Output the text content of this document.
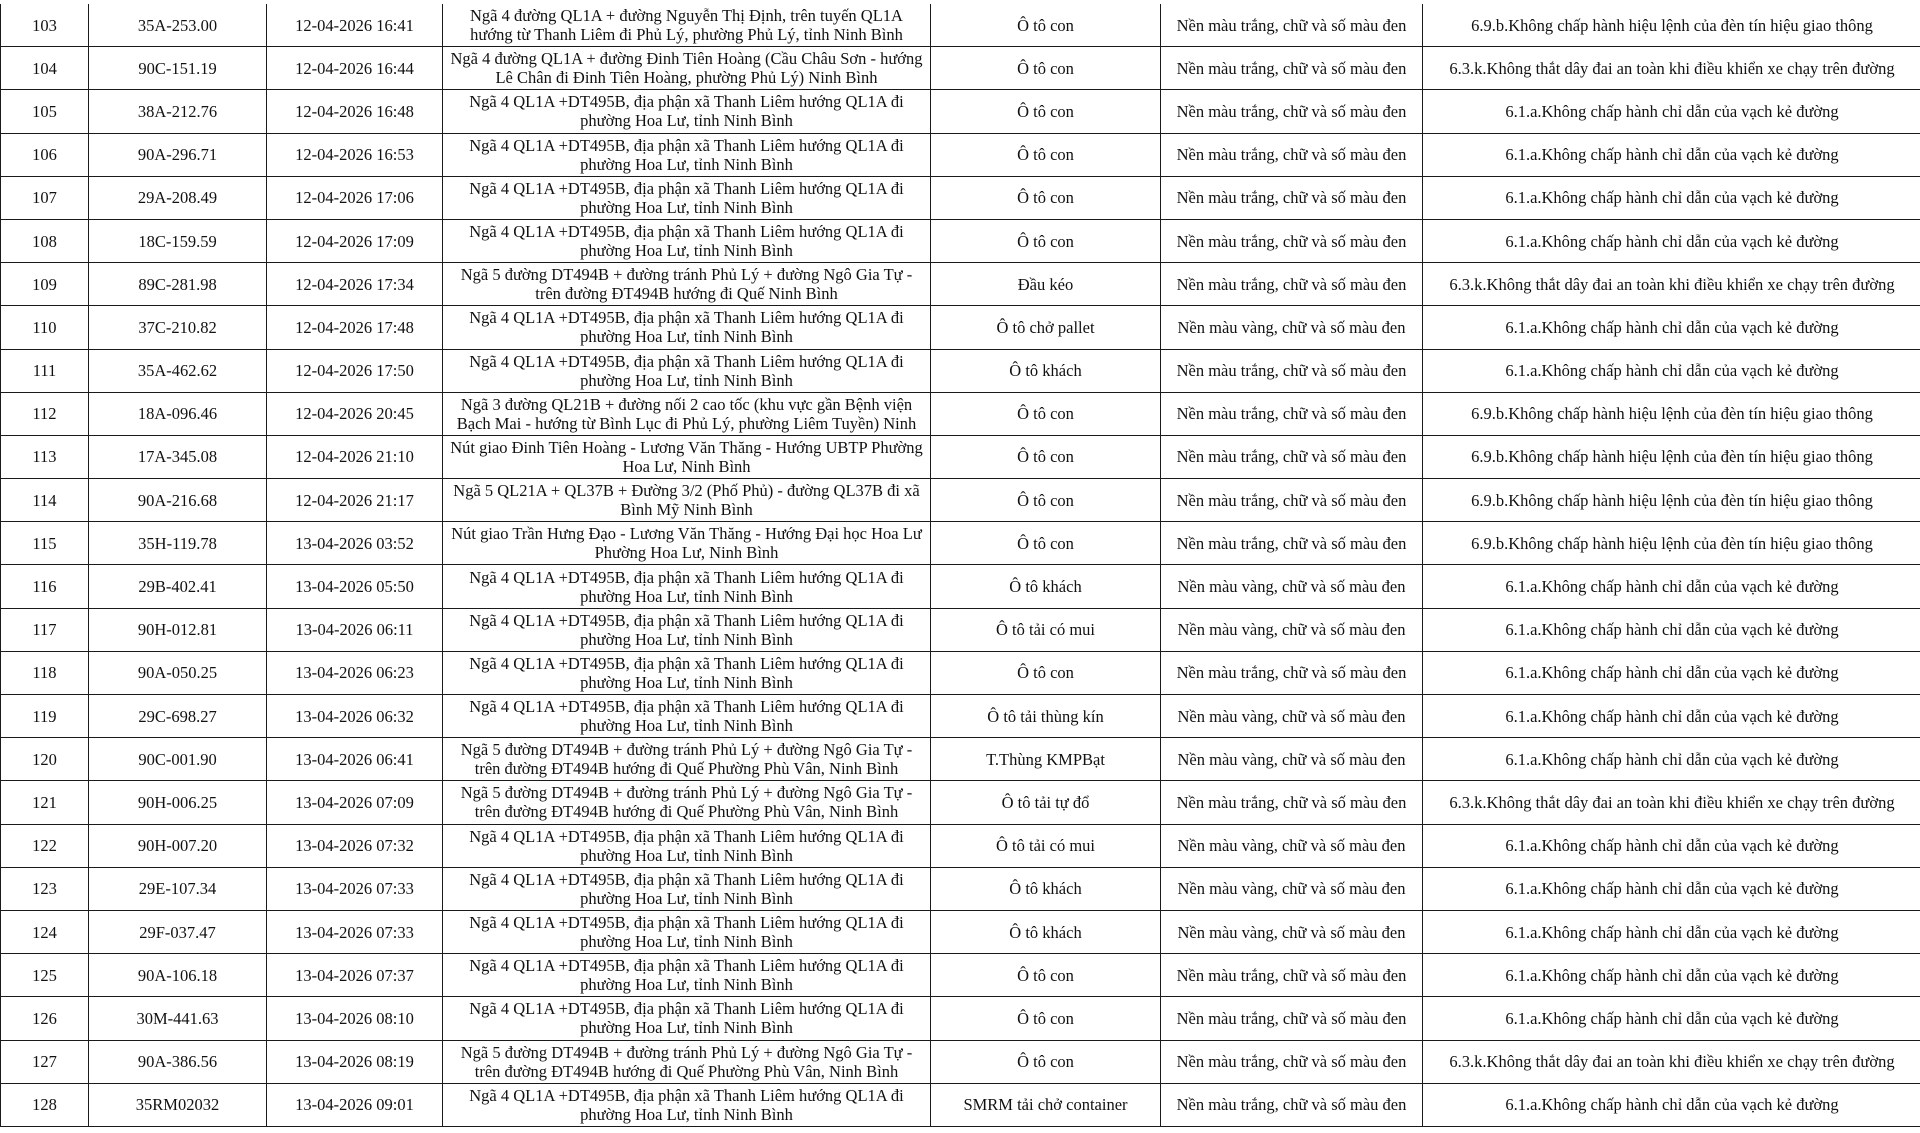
103	35A-253.00	12-04-2026 16:41	Ngã 4 đường QL1A + đường Nguyễn Thị Định, trên tuyến QL1A hướng từ Thanh Liêm đi Phủ Lý, phường Phủ Lý, tỉnh Ninh Bình	Ô tô con	Nền màu trắng, chữ và số màu đen	6.9.b.Không chấp hành hiệu lệnh của đèn tín hiệu giao thông
104	90C-151.19	12-04-2026 16:44	Ngã 4 đường QL1A + đường Đinh Tiên Hoàng (Cầu Châu Sơn - hướng Lê Chân đi Đinh Tiên Hoàng, phường Phủ Lý) Ninh Bình	Ô tô con	Nền màu trắng, chữ và số màu đen	6.3.k.Không thắt dây đai an toàn khi điều khiển xe chạy trên đường
105	38A-212.76	12-04-2026 16:48	Ngã 4 QL1A +DT495B, địa phận xã Thanh Liêm hướng QL1A đi phường Hoa Lư, tỉnh Ninh Bình	Ô tô con	Nền màu trắng, chữ và số màu đen	6.1.a.Không chấp hành chỉ dẫn của vạch kẻ đường
106	90A-296.71	12-04-2026 16:53	Ngã 4 QL1A +DT495B, địa phận xã Thanh Liêm hướng QL1A đi phường Hoa Lư, tỉnh Ninh Bình	Ô tô con	Nền màu trắng, chữ và số màu đen	6.1.a.Không chấp hành chỉ dẫn của vạch kẻ đường
107	29A-208.49	12-04-2026 17:06	Ngã 4 QL1A +DT495B, địa phận xã Thanh Liêm hướng QL1A đi phường Hoa Lư, tỉnh Ninh Bình	Ô tô con	Nền màu trắng, chữ và số màu đen	6.1.a.Không chấp hành chỉ dẫn của vạch kẻ đường
108	18C-159.59	12-04-2026 17:09	Ngã 4 QL1A +DT495B, địa phận xã Thanh Liêm hướng QL1A đi phường Hoa Lư, tỉnh Ninh Bình	Ô tô con	Nền màu trắng, chữ và số màu đen	6.1.a.Không chấp hành chỉ dẫn của vạch kẻ đường
109	89C-281.98	12-04-2026 17:34	Ngã 5 đường DT494B + đường tránh Phủ Lý + đường Ngô Gia Tự - trên đường ĐT494B hướng đi Quế Ninh Bình	Đầu kéo	Nền màu trắng, chữ và số màu đen	6.3.k.Không thắt dây đai an toàn khi điều khiển xe chạy trên đường
110	37C-210.82	12-04-2026 17:48	Ngã 4 QL1A +DT495B, địa phận xã Thanh Liêm hướng QL1A đi phường Hoa Lư, tỉnh Ninh Bình	Ô tô chở pallet	Nền màu vàng, chữ và số màu đen	6.1.a.Không chấp hành chỉ dẫn của vạch kẻ đường
111	35A-462.62	12-04-2026 17:50	Ngã 4 QL1A +DT495B, địa phận xã Thanh Liêm hướng QL1A đi phường Hoa Lư, tỉnh Ninh Bình	Ô tô khách	Nền màu trắng, chữ và số màu đen	6.1.a.Không chấp hành chỉ dẫn của vạch kẻ đường
112	18A-096.46	12-04-2026 20:45	Ngã 3 đường QL21B + đường nối 2 cao tốc (khu vực gần Bệnh viện Bạch Mai - hướng từ Bình Lục đi Phủ Lý, phường Liêm Tuyền) Ninh	Ô tô con	Nền màu trắng, chữ và số màu đen	6.9.b.Không chấp hành hiệu lệnh của đèn tín hiệu giao thông
113	17A-345.08	12-04-2026 21:10	Nút giao Đinh Tiên Hoàng - Lương Văn Thăng - Hướng UBTP Phường Hoa Lư, Ninh Bình	Ô tô con	Nền màu trắng, chữ và số màu đen	6.9.b.Không chấp hành hiệu lệnh của đèn tín hiệu giao thông
114	90A-216.68	12-04-2026 21:17	Ngã 5 QL21A + QL37B + Đường 3/2 (Phố Phủ) - đường QL37B đi xã Bình Mỹ Ninh Bình	Ô tô con	Nền màu trắng, chữ và số màu đen	6.9.b.Không chấp hành hiệu lệnh của đèn tín hiệu giao thông
115	35H-119.78	13-04-2026 03:52	Nút giao Trần Hưng Đạo - Lương Văn Thăng - Hướng Đại học Hoa Lư Phường Hoa Lư, Ninh Bình	Ô tô con	Nền màu trắng, chữ và số màu đen	6.9.b.Không chấp hành hiệu lệnh của đèn tín hiệu giao thông
116	29B-402.41	13-04-2026 05:50	Ngã 4 QL1A +DT495B, địa phận xã Thanh Liêm hướng QL1A đi phường Hoa Lư, tỉnh Ninh Bình	Ô tô khách	Nền màu vàng, chữ và số màu đen	6.1.a.Không chấp hành chỉ dẫn của vạch kẻ đường
117	90H-012.81	13-04-2026 06:11	Ngã 4 QL1A +DT495B, địa phận xã Thanh Liêm hướng QL1A đi phường Hoa Lư, tỉnh Ninh Bình	Ô tô tải có mui	Nền màu vàng, chữ và số màu đen	6.1.a.Không chấp hành chỉ dẫn của vạch kẻ đường
118	90A-050.25	13-04-2026 06:23	Ngã 4 QL1A +DT495B, địa phận xã Thanh Liêm hướng QL1A đi phường Hoa Lư, tỉnh Ninh Bình	Ô tô con	Nền màu trắng, chữ và số màu đen	6.1.a.Không chấp hành chỉ dẫn của vạch kẻ đường
119	29C-698.27	13-04-2026 06:32	Ngã 4 QL1A +DT495B, địa phận xã Thanh Liêm hướng QL1A đi phường Hoa Lư, tỉnh Ninh Bình	Ô tô tải thùng kín	Nền màu vàng, chữ và số màu đen	6.1.a.Không chấp hành chỉ dẫn của vạch kẻ đường
120	90C-001.90	13-04-2026 06:41	Ngã 5 đường DT494B + đường tránh Phủ Lý + đường Ngô Gia Tự - trên đường ĐT494B hướng đi Quế Phường Phù Vân, Ninh Bình	T.Thùng KMPBạt	Nền màu vàng, chữ và số màu đen	6.1.a.Không chấp hành chỉ dẫn của vạch kẻ đường
121	90H-006.25	13-04-2026 07:09	Ngã 5 đường DT494B + đường tránh Phủ Lý + đường Ngô Gia Tự - trên đường ĐT494B hướng đi Quế Phường Phù Vân, Ninh Bình	Ô tô tải tự đổ	Nền màu trắng, chữ và số màu đen	6.3.k.Không thắt dây đai an toàn khi điều khiển xe chạy trên đường
122	90H-007.20	13-04-2026 07:32	Ngã 4 QL1A +DT495B, địa phận xã Thanh Liêm hướng QL1A đi phường Hoa Lư, tỉnh Ninh Bình	Ô tô tải có mui	Nền màu vàng, chữ và số màu đen	6.1.a.Không chấp hành chỉ dẫn của vạch kẻ đường
123	29E-107.34	13-04-2026 07:33	Ngã 4 QL1A +DT495B, địa phận xã Thanh Liêm hướng QL1A đi phường Hoa Lư, tỉnh Ninh Bình	Ô tô khách	Nền màu vàng, chữ và số màu đen	6.1.a.Không chấp hành chỉ dẫn của vạch kẻ đường
124	29F-037.47	13-04-2026 07:33	Ngã 4 QL1A +DT495B, địa phận xã Thanh Liêm hướng QL1A đi phường Hoa Lư, tỉnh Ninh Bình	Ô tô khách	Nền màu vàng, chữ và số màu đen	6.1.a.Không chấp hành chỉ dẫn của vạch kẻ đường
125	90A-106.18	13-04-2026 07:37	Ngã 4 QL1A +DT495B, địa phận xã Thanh Liêm hướng QL1A đi phường Hoa Lư, tỉnh Ninh Bình	Ô tô con	Nền màu trắng, chữ và số màu đen	6.1.a.Không chấp hành chỉ dẫn của vạch kẻ đường
126	30M-441.63	13-04-2026 08:10	Ngã 4 QL1A +DT495B, địa phận xã Thanh Liêm hướng QL1A đi phường Hoa Lư, tỉnh Ninh Bình	Ô tô con	Nền màu trắng, chữ và số màu đen	6.1.a.Không chấp hành chỉ dẫn của vạch kẻ đường
127	90A-386.56	13-04-2026 08:19	Ngã 5 đường DT494B + đường tránh Phủ Lý + đường Ngô Gia Tự - trên đường ĐT494B hướng đi Quế Phường Phù Vân, Ninh Bình	Ô tô con	Nền màu trắng, chữ và số màu đen	6.3.k.Không thắt dây đai an toàn khi điều khiển xe chạy trên đường
128	35RM02032	13-04-2026 09:01	Ngã 4 QL1A +DT495B, địa phận xã Thanh Liêm hướng QL1A đi phường Hoa Lư, tỉnh Ninh Bình	SMRM tải chở container	Nền màu trắng, chữ và số màu đen	6.1.a.Không chấp hành chỉ dẫn của vạch kẻ đường
